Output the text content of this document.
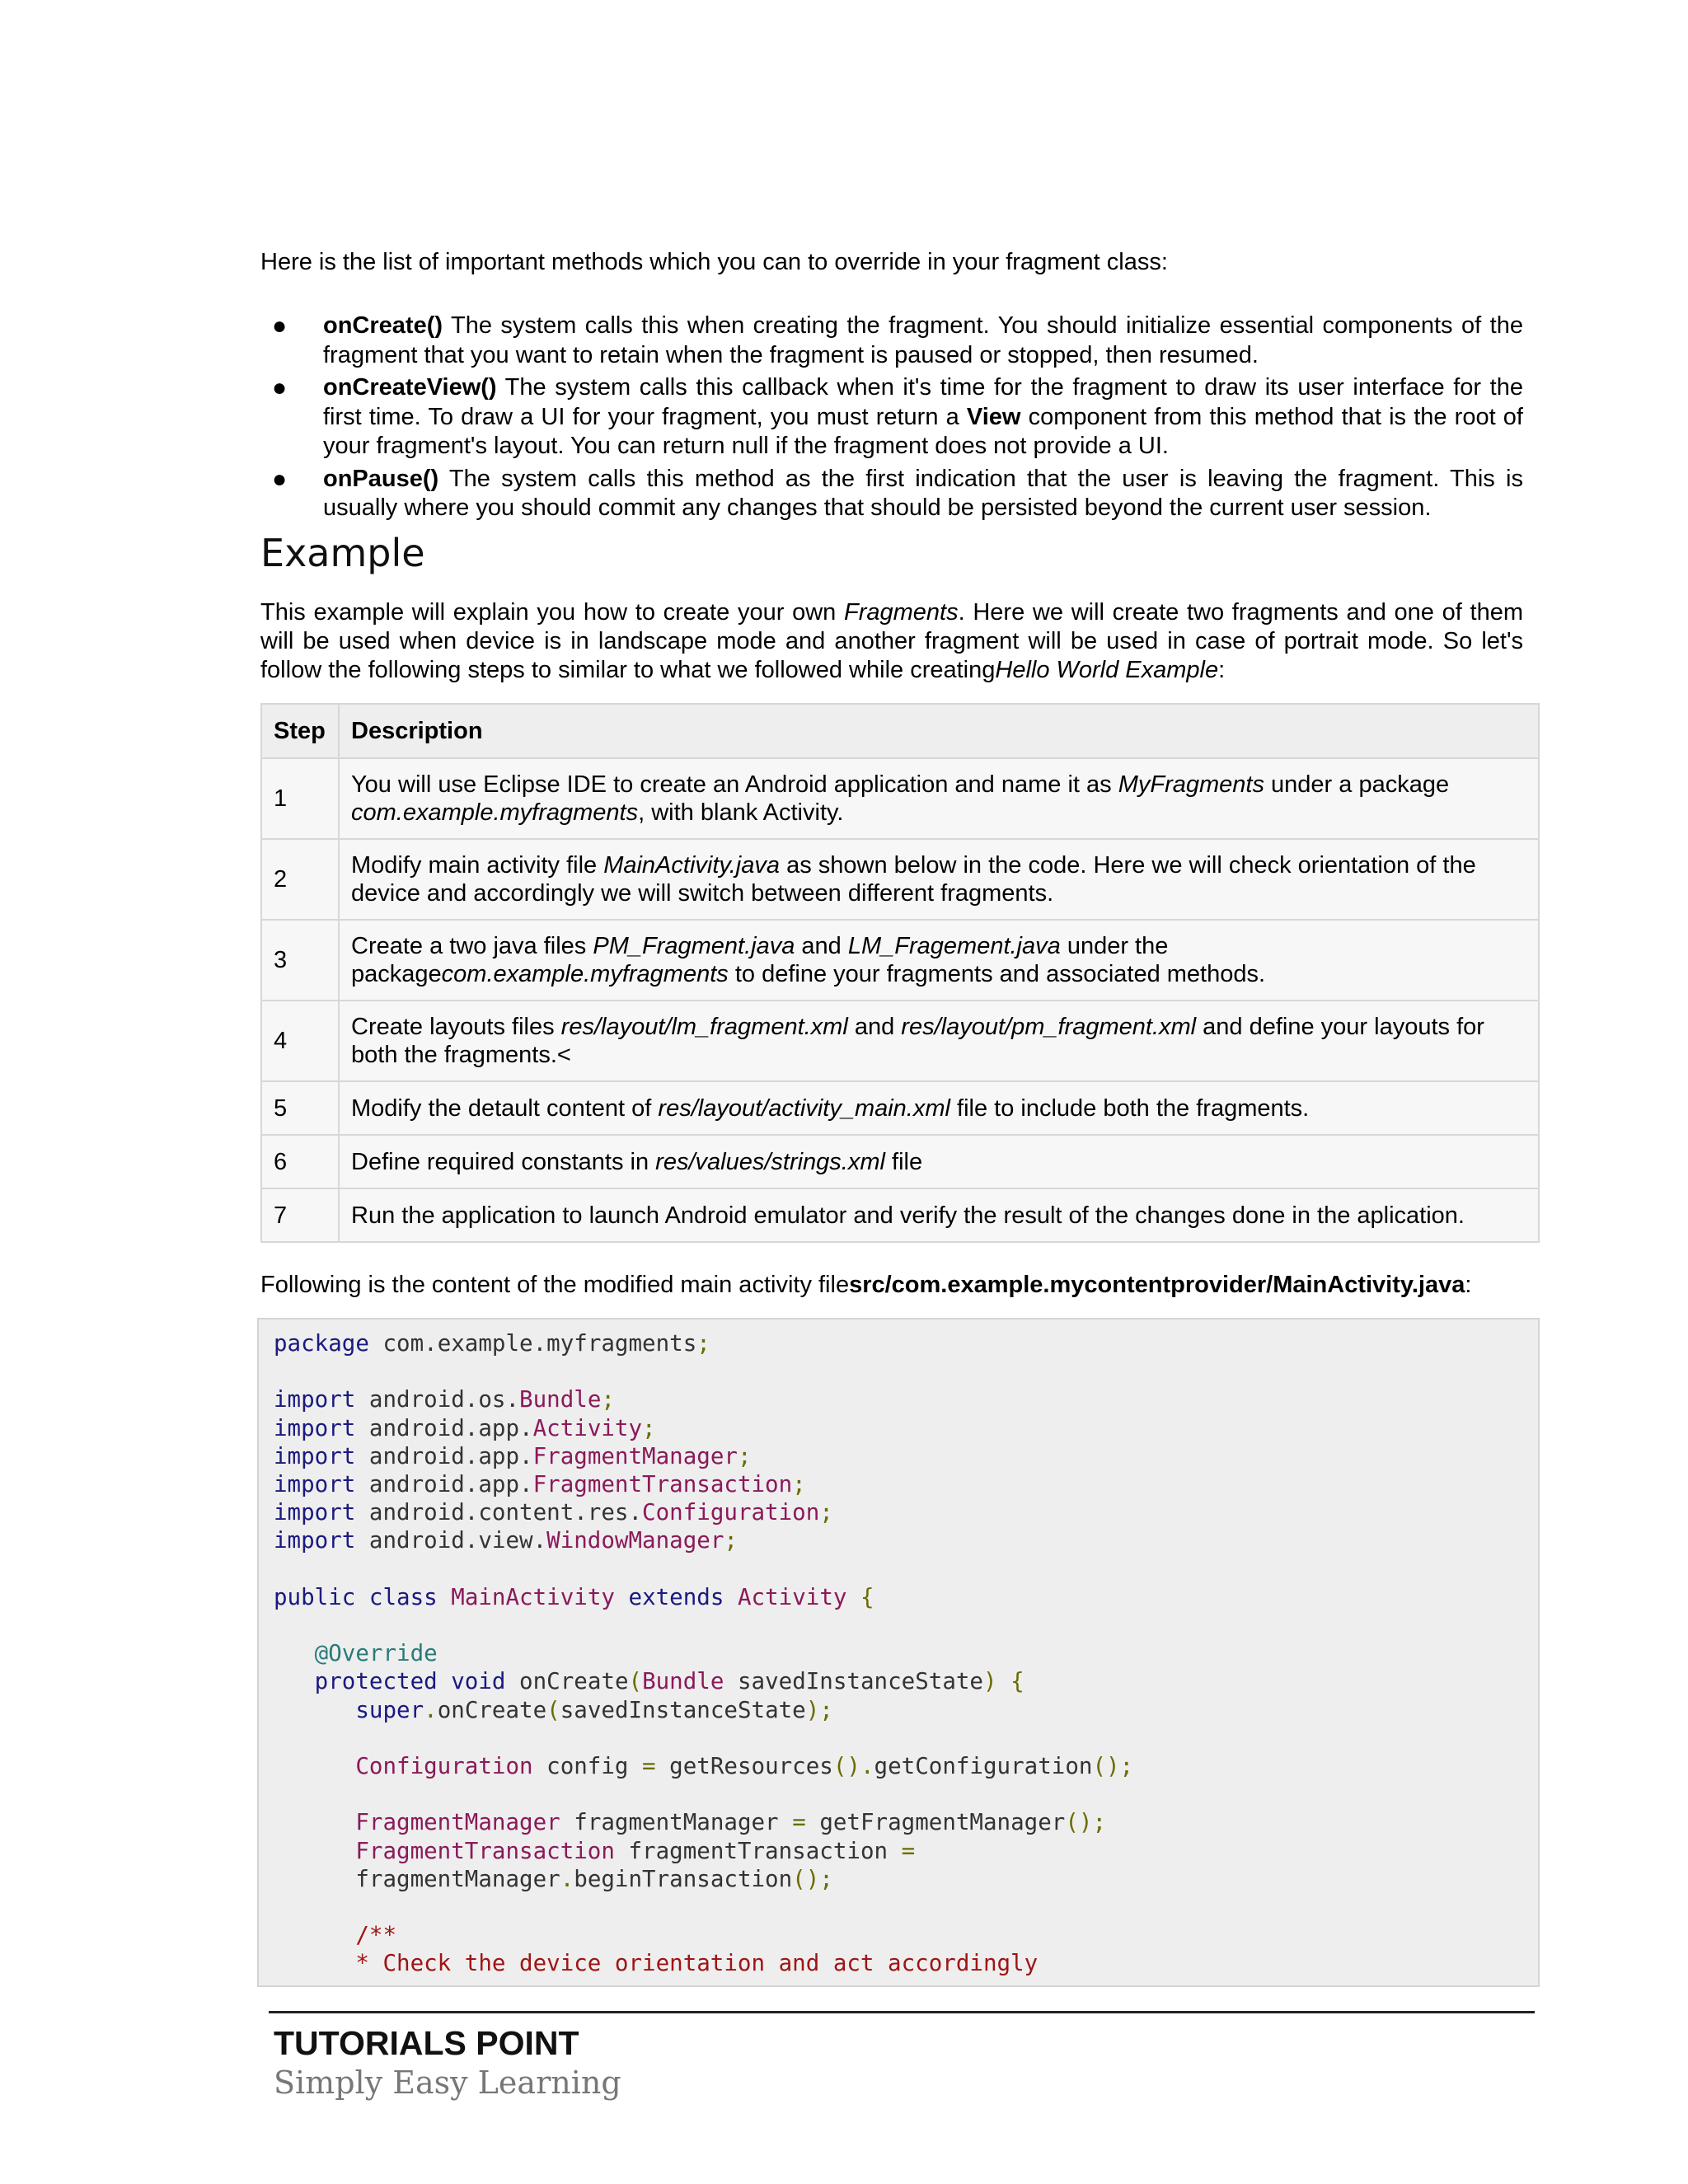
Here is the list of important methods which you can to override in your fragment class:

● onCreate() The system calls this when creating the fragment. You should initialize essential components of the fragment that you want to retain when the fragment is paused or stopped, then resumed.
● onCreateView() The system calls this callback when it's time for the fragment to draw its user interface for the first time. To draw a UI for your fragment, you must return a View component from this method that is the root of your fragment's layout. You can return null if the fragment does not provide a UI.
● onPause() The system calls this method as the first indication that the user is leaving the fragment. This is usually where you should commit any changes that should be persisted beyond the current user session.
Example

This example will explain you how to create your own Fragments. Here we will create two fragments and one of them will be used when device is in landscape mode and another fragment will be used in case of portrait mode. So let's follow the following steps to similar to what we followed while creatingHello World Example:

Step	Description
1	You will use Eclipse IDE to create an Android application and name it as MyFragments under a package com.example.myfragments, with blank Activity.
2	Modify main activity file MainActivity.java as shown below in the code. Here we will check orientation of the device and accordingly we will switch between different fragments.
3	Create a two java files PM_Fragment.java and LM_Fragement.java under the packagecom.example.myfragments to define your fragments and associated methods.
4	Create layouts files res/layout/lm_fragment.xml and res/layout/pm_fragment.xml and define your layouts for both the fragments.<
5	Modify the detault content of res/layout/activity_main.xml file to include both the fragments.
6	Define required constants in res/values/strings.xml file
7	Run the application to launch Android emulator and verify the result of the changes done in the aplication.

Following is the content of the modified main activity filesrc/com.example.mycontentprovider/MainActivity.java:

package com.example.myfragments;

import android.os.Bundle;
import android.app.Activity;
import android.app.FragmentManager;
import android.app.FragmentTransaction;
import android.content.res.Configuration;
import android.view.WindowManager;

public class MainActivity extends Activity {

@Override
protected void onCreate(Bundle savedInstanceState) {
super.onCreate(savedInstanceState);

Configuration config = getResources().getConfiguration();

FragmentManager fragmentManager = getFragmentManager();
FragmentTransaction fragmentTransaction =
fragmentManager.beginTransaction();

/**
* Check the device orientation and act accordingly

TUTORIALS POINT

Simply Easy Learning
